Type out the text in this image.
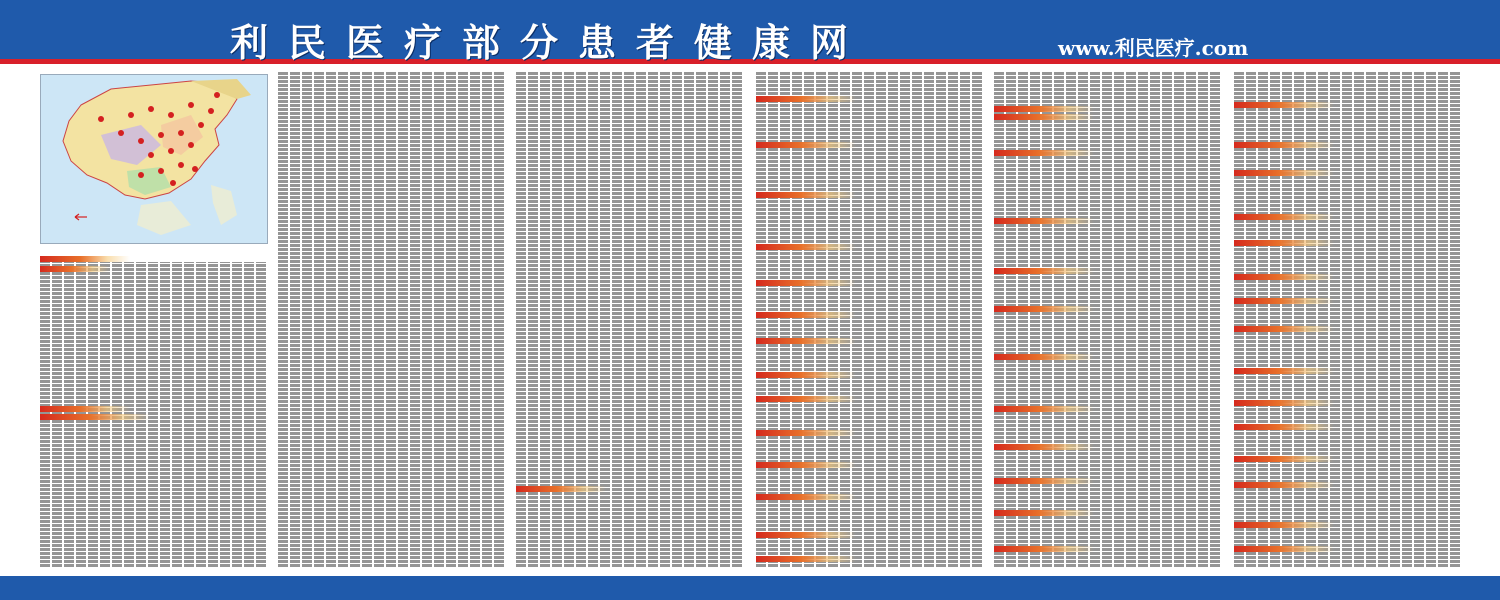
利民医疗部分患者健康网	www.利民医疗.com
